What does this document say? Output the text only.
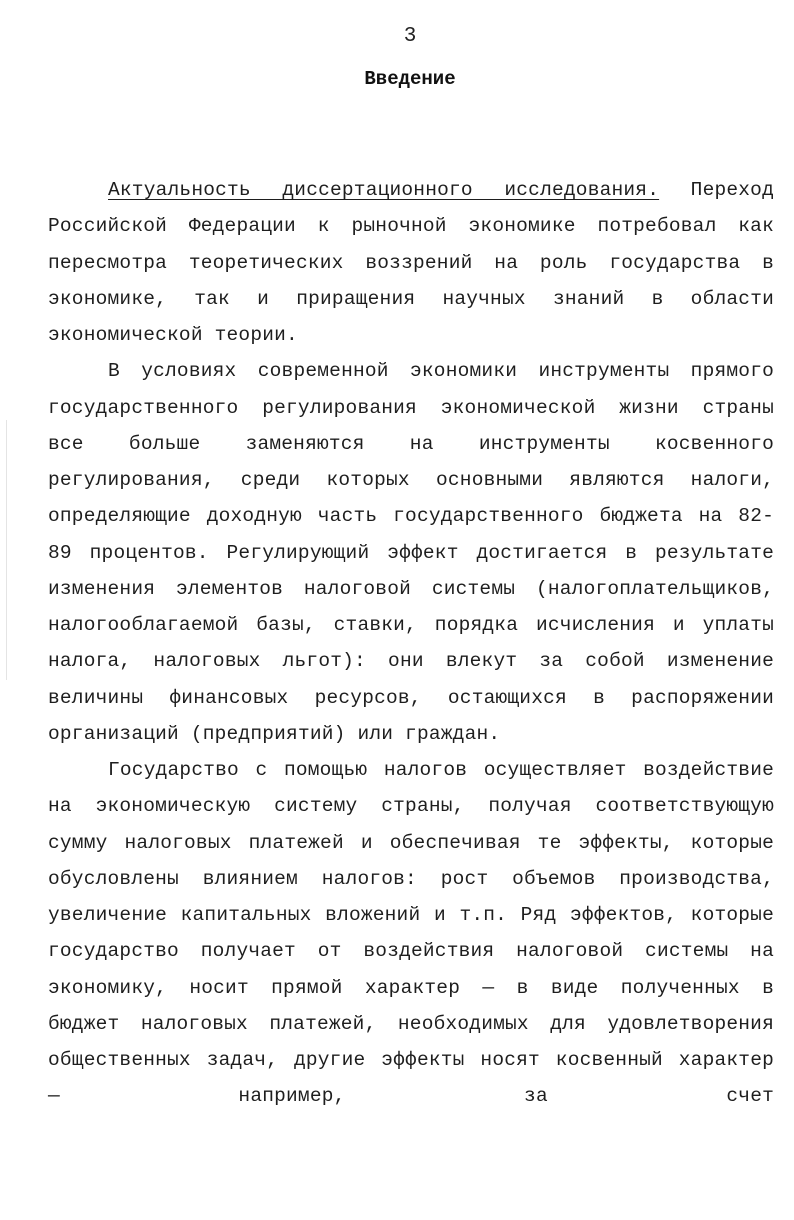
3
Введение

Актуальность диссертационного исследования. Переход Российской Федерации к рыночной экономике потребовал как пересмотра теоретических воззрений на роль государства в экономике, так и приращения научных знаний в области экономической теории.

В условиях современной экономики инструменты прямого государственного регулирования экономической жизни страны все больше заменяются на инструменты косвенного регулирования, среди которых основными являются налоги, определяющие доходную часть государственного бюджета на 82-89 процентов. Регулирующий эффект достигается в результате изменения элементов налоговой системы (налогоплательщиков, налогооблагаемой базы, ставки, порядка исчисления и уплаты налога, налоговых льгот): они влекут за собой изменение величины финансовых ресурсов, остающихся в распоряжении организаций (предприятий) или граждан.

Государство с помощью налогов осуществляет воздействие на экономическую систему страны, получая соответствующую сумму налоговых платежей и обеспечивая те эффекты, которые обусловлены влиянием налогов: рост объемов производства, увеличение капитальных вложений и т.п. Ряд эффектов, которые государство получает от воздействия налоговой системы на экономику, носит прямой характер — в виде полученных в бюджет налоговых платежей, необходимых для удовлетворения общественных задач, другие эффекты носят косвенный характер — например, за счет
